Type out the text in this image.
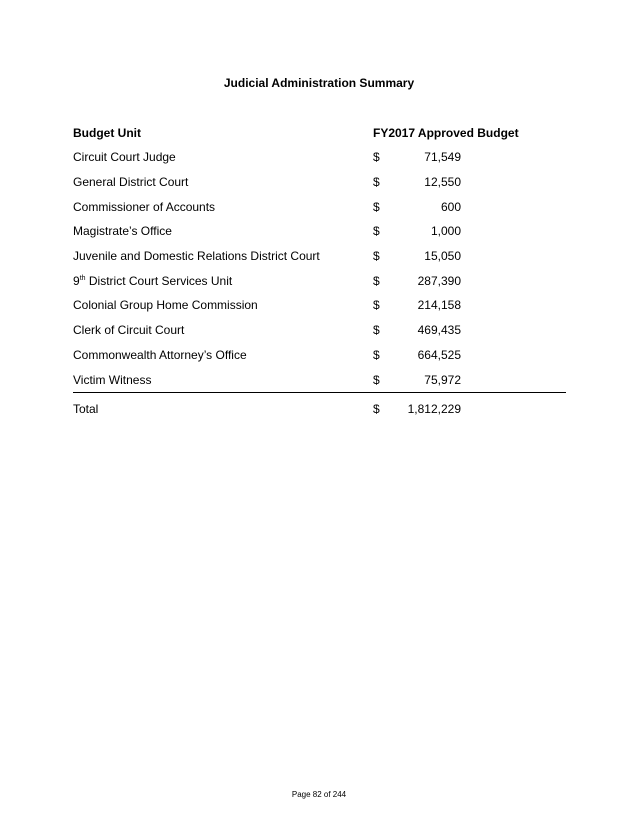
Judicial Administration Summary
Budget Unit	FY2017 Approved Budget		
Circuit Court Judge	$	71,549	
General District Court	$	12,550	
Commissioner of Accounts	$	600	
Magistrate’s Office	$	1,000	
Juvenile and Domestic Relations District Court	$	15,050	
9th District Court Services Unit	$	287,390	
Colonial Group Home Commission	$	214,158	
Clerk of Circuit Court	$	469,435	
Commonwealth Attorney’s Office	$	664,525	
Victim Witness	$	75,972	
Total	$	1,812,229	
Page 82 of 244
